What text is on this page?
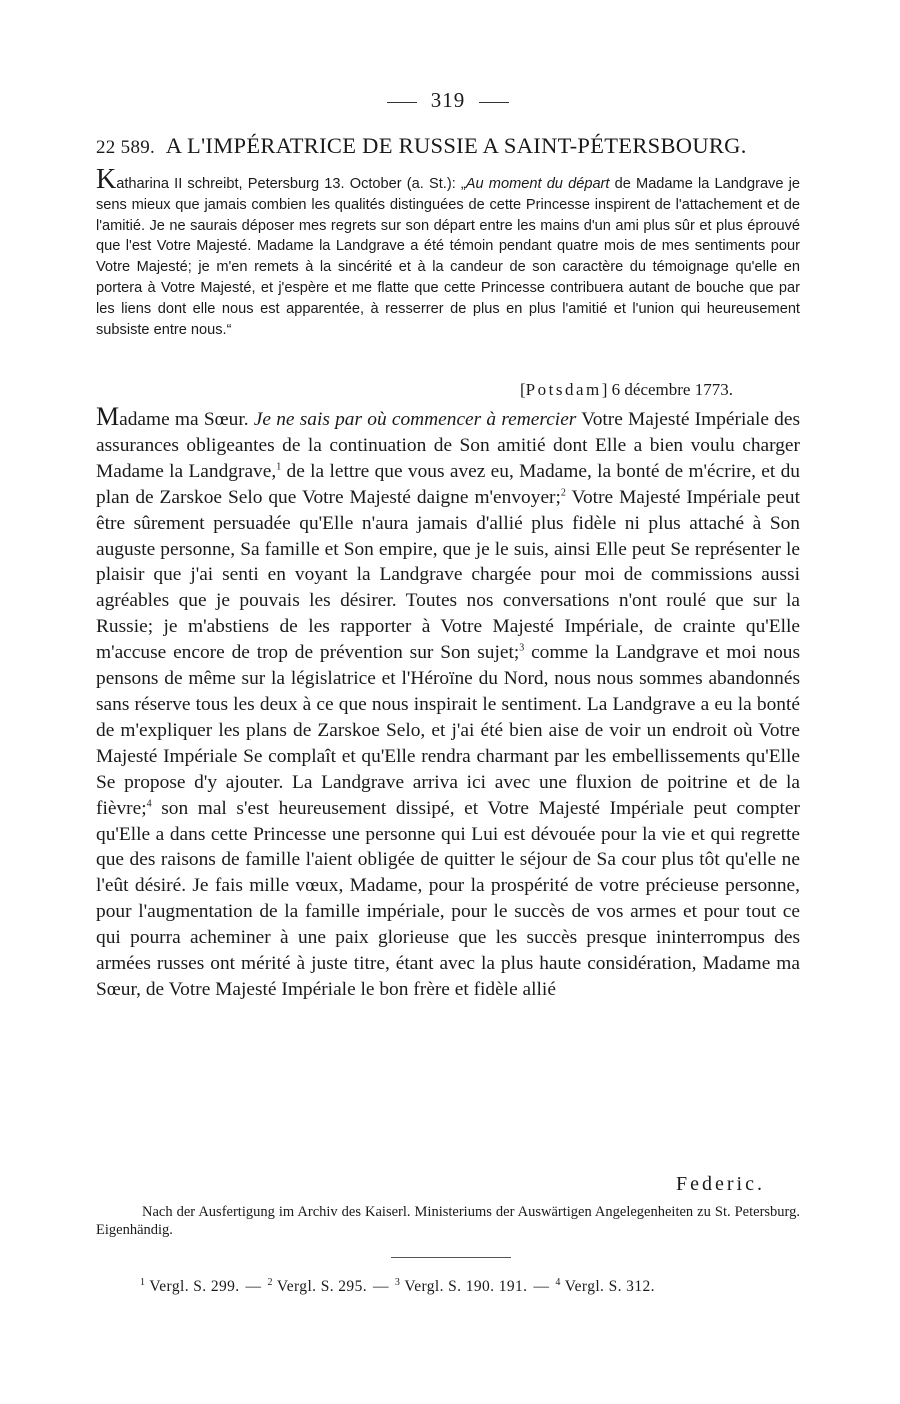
319
22 589. A L'IMPÉRATRICE DE RUSSIE A SAINT-PÉTERSBOURG.

Katharina II schreibt, Petersburg 13. October (a. St.): „Au moment du départ de Madame la Landgrave je sens mieux que jamais combien les qualités distinguées de cette Princesse inspirent de l'attachement et de l'amitié. Je ne saurais déposer mes regrets sur son départ entre les mains d'un ami plus sûr et plus éprouvé que l'est Votre Majesté. Madame la Landgrave a été témoin pendant quatre mois de mes sentiments pour Votre Majesté; je m'en remets à la sincérité et à la candeur de son caractère du témoignage qu'elle en portera à Votre Majesté, et j'espère et me flatte que cette Princesse contribuera autant de bouche que par les liens dont elle nous est apparentée, à resserrer de plus en plus l'amitié et l'union qui heureusement subsiste entre nous.“

[Potsdam] 6 décembre 1773.

Madame ma Sœur. Je ne sais par où commencer à remercier Votre Majesté Impériale des assurances obligeantes de la continuation de Son amitié dont Elle a bien voulu charger Madame la Landgrave,$^1$ de la lettre que vous avez eu, Madame, la bonté de m'écrire, et du plan de Zarskoe Selo que Votre Majesté daigne m'envoyer;$^2$ Votre Majesté Impériale peut être sûrement persuadée qu'Elle n'aura jamais d'allié plus fidèle ni plus attaché à Son auguste personne, Sa famille et Son empire, que je le suis, ainsi Elle peut Se représenter le plaisir que j'ai senti en voyant la Landgrave chargée pour moi de commissions aussi agréables que je pouvais les désirer. Toutes nos conversations n'ont roulé que sur la Russie; je m'abstiens de les rapporter à Votre Majesté Impériale, de crainte qu'Elle m'accuse encore de trop de prévention sur Son sujet;$^3$ comme la Landgrave et moi nous pensons de même sur la législatrice et l'Héroïne du Nord, nous nous sommes abandonnés sans réserve tous les deux à ce que nous inspirait le sentiment. La Landgrave a eu la bonté de m'expliquer les plans de Zarskoe Selo, et j'ai été bien aise de voir un endroit où Votre Majesté Impériale Se complaît et qu'Elle rendra charmant par les embellissements qu'Elle Se propose d'y ajouter. La Landgrave arriva ici avec une fluxion de poitrine et de la fièvre;$^4$ son mal s'est heureusement dissipé, et Votre Majesté Impériale peut compter qu'Elle a dans cette Princesse une personne qui Lui est dévouée pour la vie et qui regrette que des raisons de famille l'aient obligée de quitter le séjour de Sa cour plus tôt qu'elle ne l'eût désiré. Je fais mille vœux, Madame, pour la prospérité de votre précieuse personne, pour l'augmentation de la famille impériale, pour le succès de vos armes et pour tout ce qui pourra acheminer à une paix glorieuse que les succès presque ininterrompus des armées russes ont mérité à juste titre, étant avec la plus haute considération, Madame ma Sœur, de Votre Majesté Impériale le bon frère et fidèle allié

Federic.

Nach der Ausfertigung im Archiv des Kaiserl. Ministeriums der Auswärtigen Angelegenheiten zu St. Petersburg. Eigenhändig.

$^1$ Vergl. S. 299. — $^2$ Vergl. S. 295. — $^3$ Vergl. S. 190. 191. — $^4$ Vergl. S. 312.
